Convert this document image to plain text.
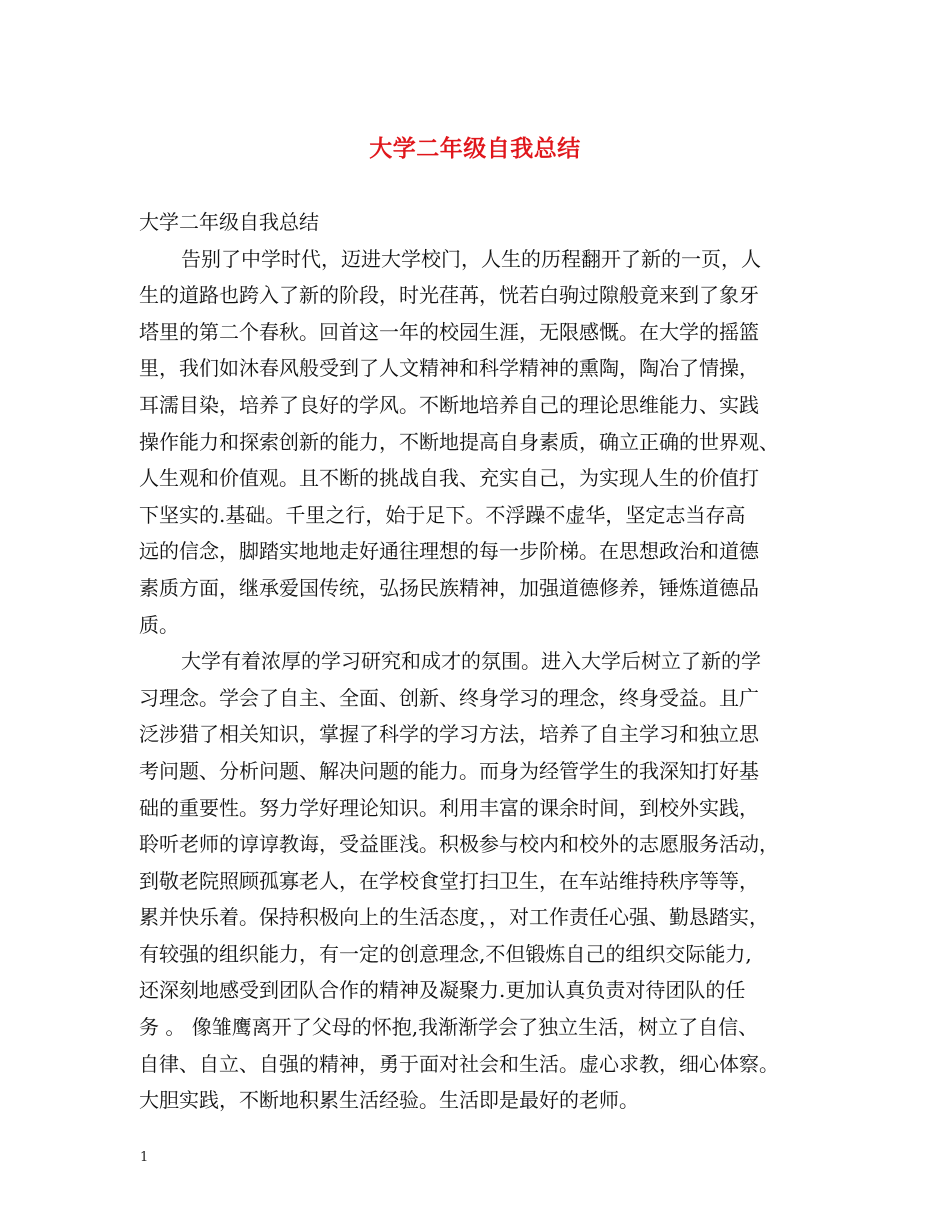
大学二年级自我总结
大学二年级自我总结
告别了中学时代，迈进大学校门，人生的历程翻开了新的一页，人
生的道路也跨入了新的阶段，时光荏苒，恍若白驹过隙般竟来到了象牙
塔里的第二个春秋。回首这一年的校园生涯，无限感慨。在大学的摇篮
里，我们如沐春风般受到了人文精神和科学精神的熏陶，陶冶了情操，
耳濡目染，培养了良好的学风。不断地培养自己的理论思维能力、实践
操作能力和探索创新的能力，不断地提高自身素质，确立正确的世界观、
人生观和价值观。且不断的挑战自我、充实自己，为实现人生的价值打
下坚实的.基础。千里之行，始于足下。不浮躁不虚华，坚定志当存高
远的信念，脚踏实地地走好通往理想的每一步阶梯。在思想政治和道德
素质方面，继承爱国传统，弘扬民族精神，加强道德修养，锤炼道德品
质。
大学有着浓厚的学习研究和成才的氛围。进入大学后树立了新的学
习理念。学会了自主、全面、创新、终身学习的理念，终身受益。且广
泛涉猎了相关知识，掌握了科学的学习方法，培养了自主学习和独立思
考问题、分析问题、解决问题的能力。而身为经管学生的我深知打好基
础的重要性。努力学好理论知识。利用丰富的课余时间，到校外实践，
聆听老师的谆谆教诲，受益匪浅。积极参与校内和校外的志愿服务活动，
到敬老院照顾孤寡老人，在学校食堂打扫卫生，在车站维持秩序等等，
累并快乐着。保持积极向上的生活态度，，对工作责任心强、勤恳踏实，
有较强的组织能力，有一定的创意理念,不但锻炼自己的组织交际能力,
还深刻地感受到团队合作的精神及凝聚力.更加认真负责对待团队的任
务 。 像雏鹰离开了父母的怀抱,我渐渐学会了独立生活，树立了自信、
自律、自立、自强的精神，勇于面对社会和生活。虚心求教，细心体察。
大胆实践，不断地积累生活经验。生活即是最好的老师。
1
